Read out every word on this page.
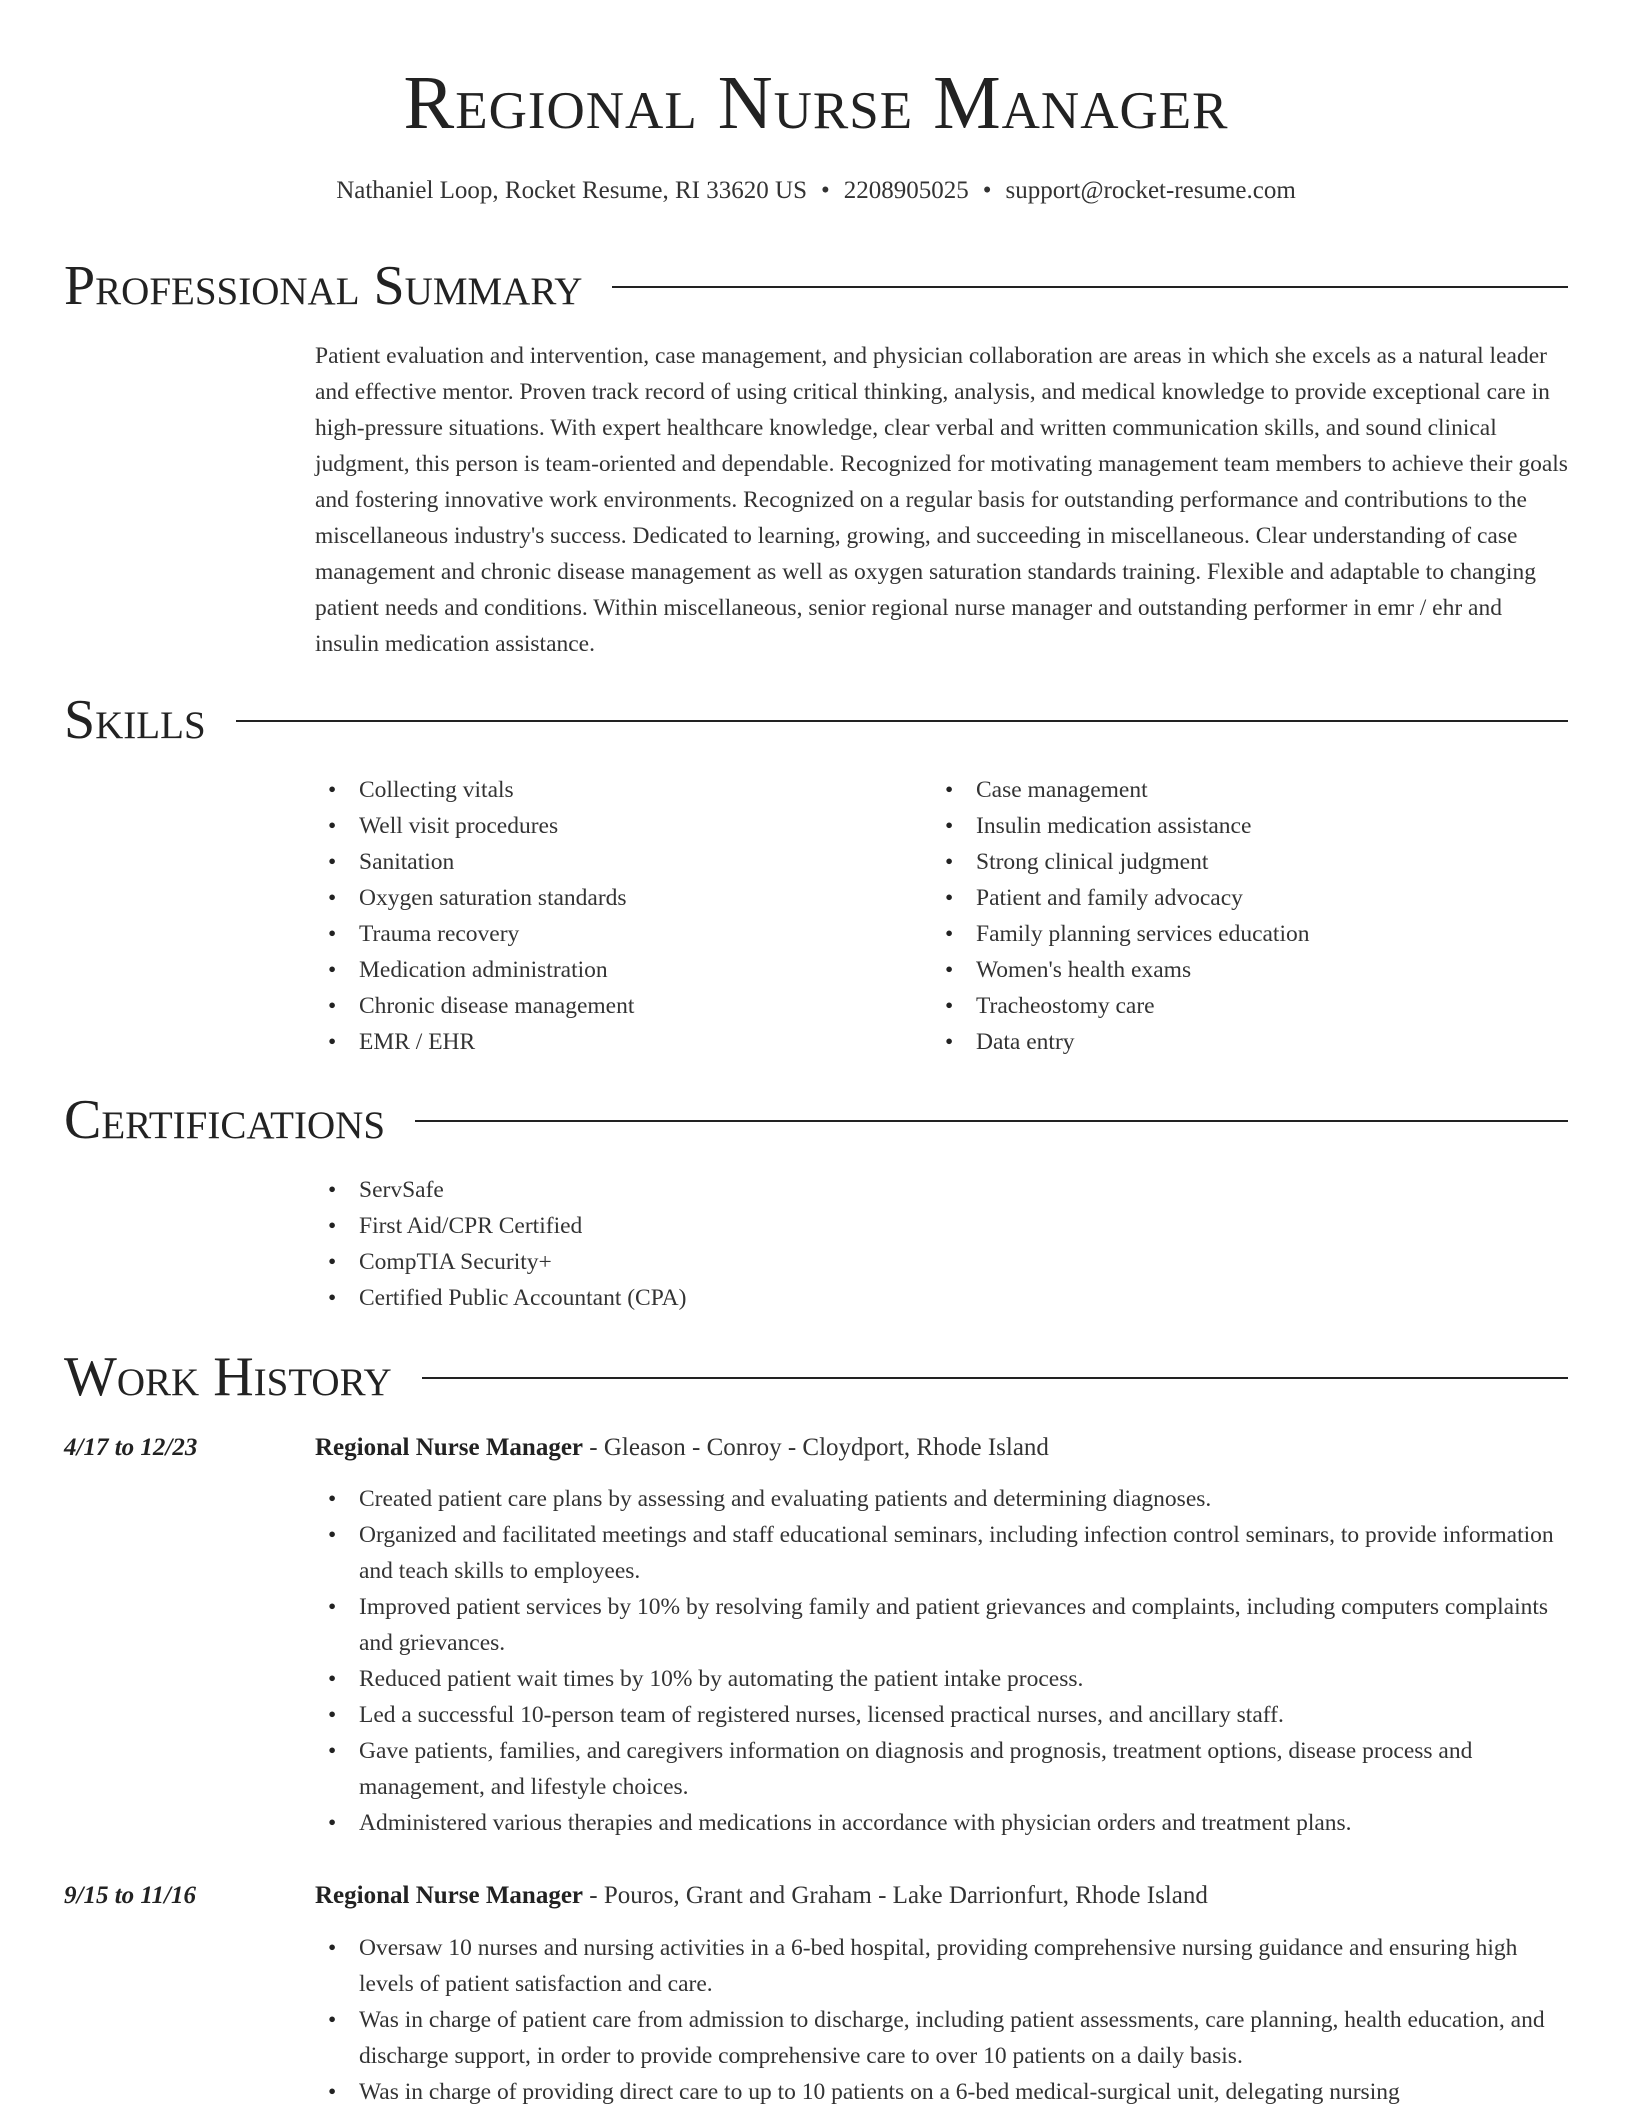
Regional Nurse Manager
Nathaniel Loop, Rocket Resume, RI 33620 US • 2208905025 • support@rocket-resume.com
Professional Summary

Patient evaluation and intervention, case management, and physician collaboration are areas in which she excels as a natural leader and effective mentor. Proven track record of using critical thinking, analysis, and medical knowledge to provide exceptional care in high-pressure situations. With expert healthcare knowledge, clear verbal and written communication skills, and sound clinical judgment, this person is team-oriented and dependable. Recognized for motivating management team members to achieve their goals and fostering innovative work environments. Recognized on a regular basis for outstanding performance and contributions to the miscellaneous industry's success. Dedicated to learning, growing, and succeeding in miscellaneous. Clear understanding of case management and chronic disease management as well as oxygen saturation standards training. Flexible and adaptable to changing patient needs and conditions. Within miscellaneous, senior regional nurse manager and outstanding performer in emr / ehr and insulin medication assistance.

Skills
• Collecting vitals
• Well visit procedures
• Sanitation
• Oxygen saturation standards
• Trauma recovery
• Medication administration
• Chronic disease management
• EMR / EHR
• Case management
• Insulin medication assistance
• Strong clinical judgment
• Patient and family advocacy
• Family planning services education
• Women's health exams
• Tracheostomy care
• Data entry
Certifications
• ServSafe
• First Aid/CPR Certified
• CompTIA Security+
• Certified Public Accountant (CPA)
Work History
4/17 to 12/23	Regional Nurse Manager - Gleason - Conroy - Cloydport, Rhode Island
• Created patient care plans by assessing and evaluating patients and determining diagnoses.
• Organized and facilitated meetings and staff educational seminars, including infection control seminars, to provide information and teach skills to employees.
• Improved patient services by 10% by resolving family and patient grievances and complaints, including computers complaints and grievances.
• Reduced patient wait times by 10% by automating the patient intake process.
• Led a successful 10-person team of registered nurses, licensed practical nurses, and ancillary staff.
• Gave patients, families, and caregivers information on diagnosis and prognosis, treatment options, disease process and management, and lifestyle choices.
• Administered various therapies and medications in accordance with physician orders and treatment plans.
9/15 to 11/16	Regional Nurse Manager - Pouros, Grant and Graham - Lake Darrionfurt, Rhode Island
• Oversaw 10 nurses and nursing activities in a 6-bed hospital, providing comprehensive nursing guidance and ensuring high levels of patient satisfaction and care.
• Was in charge of patient care from admission to discharge, including patient assessments, care planning, health education, and discharge support, in order to provide comprehensive care to over 10 patients on a daily basis.
• Was in charge of providing direct care to up to 10 patients on a 6-bed medical-surgical unit, delegating nursing
